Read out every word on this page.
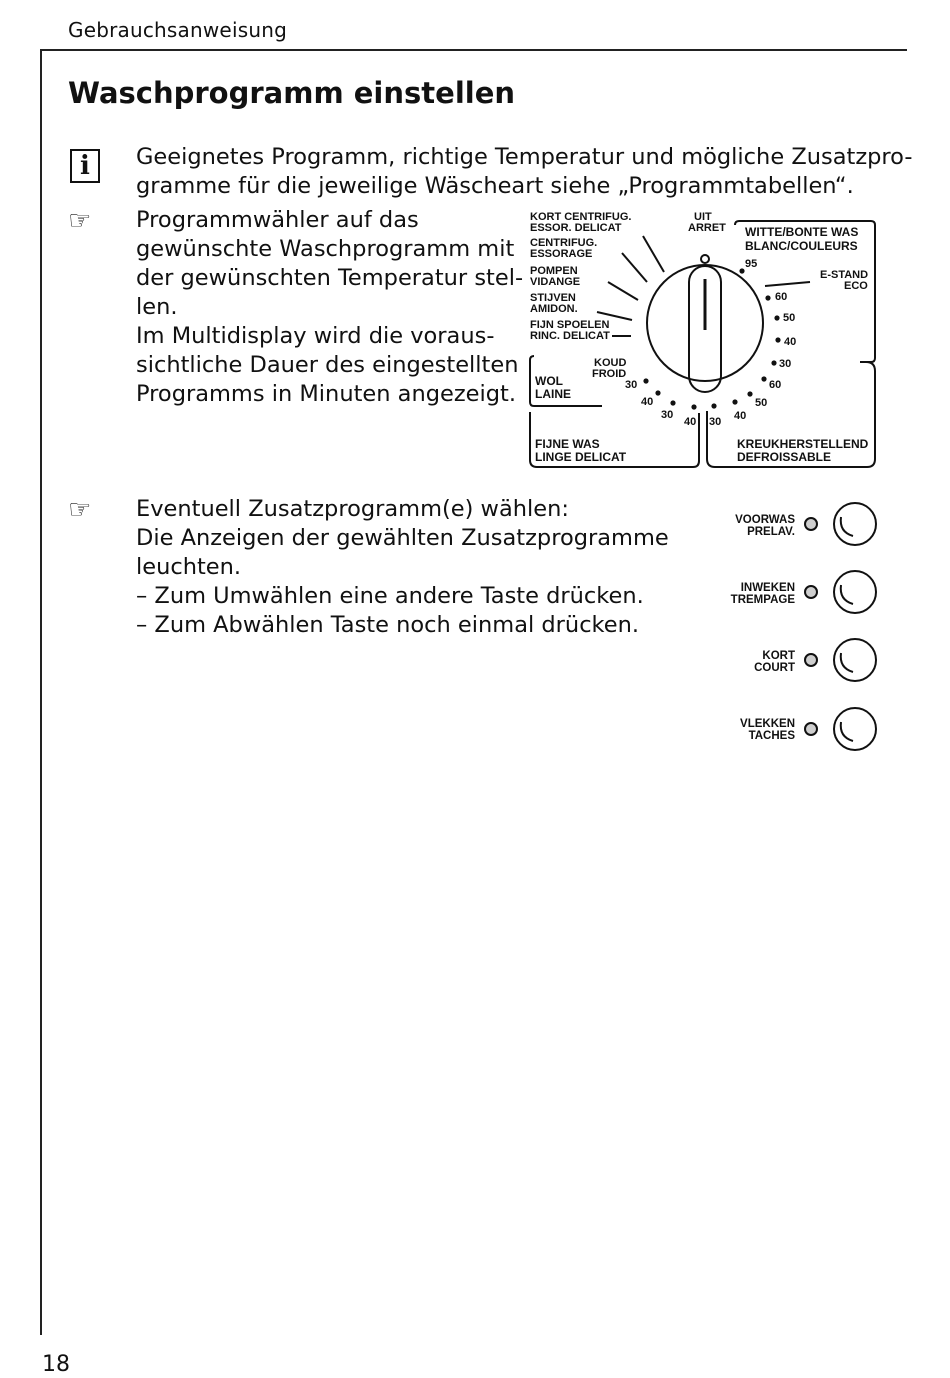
Gebrauchsanweisung
Waschprogramm einstellen
i	Geeignetes Programm, richtige Temperatur und mögliche Zusatzpro-
gramme für die jeweilige Wäscheart siehe „Programmtabellen“.
☞ Programmwähler auf das
gewünschte Waschprogramm mit
der gewünschten Temperatur stel-
len.
Im Multidisplay wird die voraus-
sichtliche Dauer des eingestellten
Programms in Minuten angezeigt.
☞ Eventuell Zusatzprogramm(e) wählen:
Die Anzeigen der gewählten Zusatzprogramme
leuchten.
– Zum Umwählen eine andere Taste drücken.
– Zum Abwählen Taste noch einmal drücken.
KORT CENTRIFUG.
ESSOR. DELICAT
CENTRIFUG.
ESSORAGE
POMPEN
VIDANGE
STIJVEN
AMIDON.
FIJN SPOELEN
RINC. DELICAT
UIT
ARRET WITTE/BONTE WAS
BLANC/COULEURS
E-STAND
ECO
KOUD
FROID
WOL
LAINE
FIJNE WAS
LINGE DELICAT
KREUKHERSTELLEND
DEFROISSABLE
95
60
50
40
30
60
50
40
30
40
30
40 30
VOORWAS
PRELAV.
INWEKEN
TREMPAGE
KORT
COURT
VLEKKEN
TACHES
18
